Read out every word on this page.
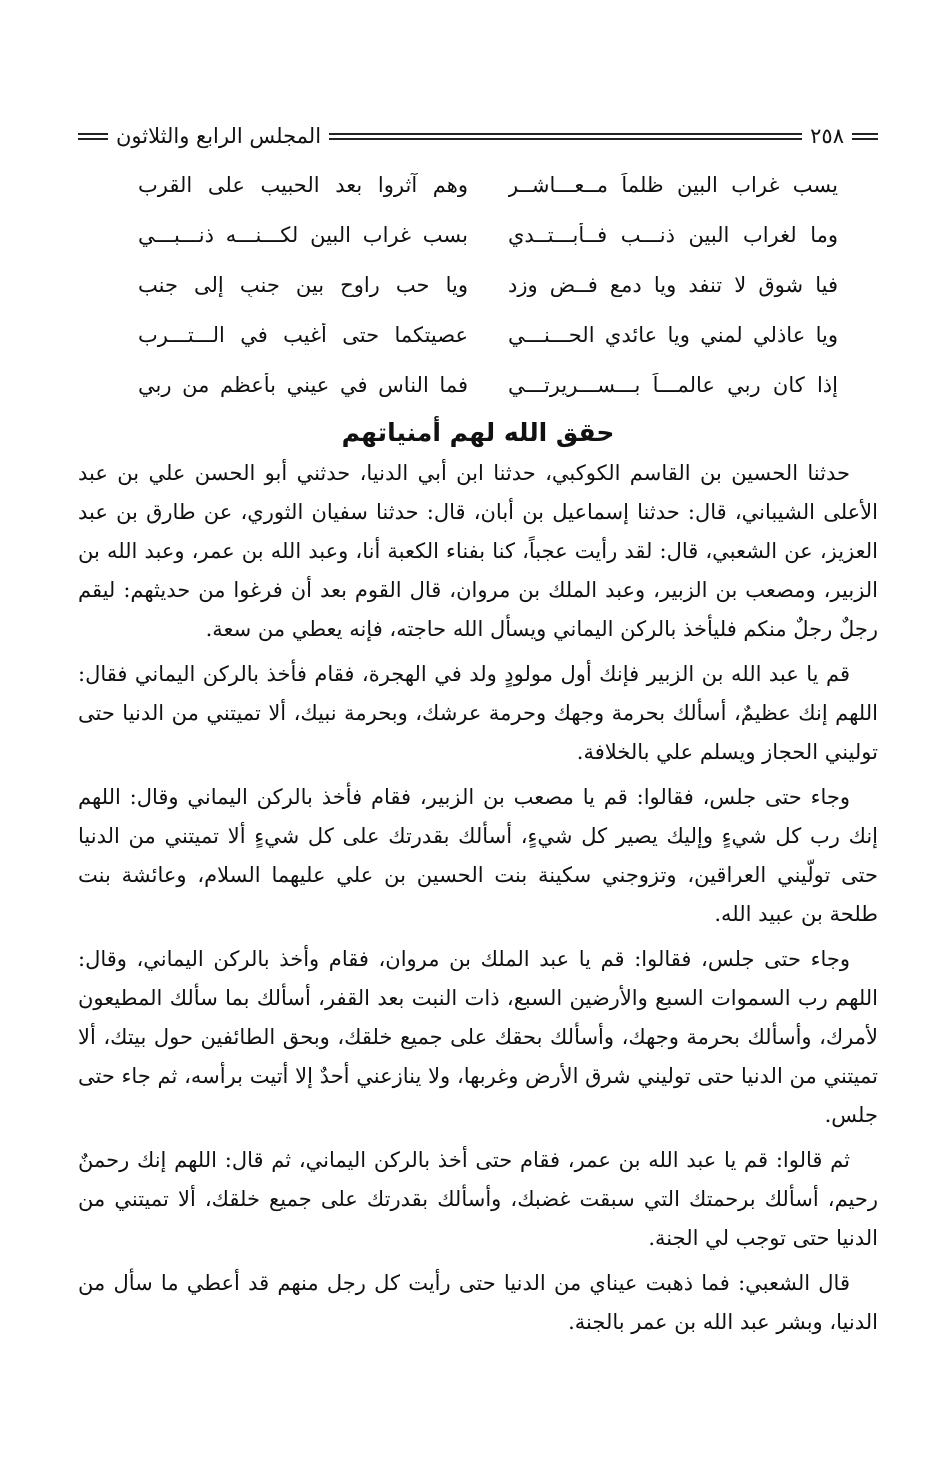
٢٥٨
المجلس الرابع والثلاثون
يسب غراب البين ظلماً مــعـــاشــر
وهم آثروا بعد الحبيب على القرب
وما لغراب البين ذنـــب فــأبـــتــدي
بسب غراب البين لكـــنـــه ذنـــبـــي
فيا شوق لا تنفد ويا دمع فــض وزد
ويا حب راوح بين جنبٍ إلى جنب
ويا عاذلي لمني ويا عائدي الحـــنـــي
عصيتكما حتى أغيب في الـــتـــرب
إذا كان ربي عالمـــاً بـــســـريرتـــي
فما الناس في عيني بأعظم من ربي
حقق الله لهم أمنياتهم

حدثنا الحسين بن القاسم الكوكبي، حدثنا ابن أبي الدنيا، حدثني أبو الحسن علي بن عبد الأعلى الشيباني، قال: حدثنا إسماعيل بن أبان، قال: حدثنا سفيان الثوري، عن طارق بن عبد العزيز، عن الشعبي، قال: لقد رأيت عجباً، كنا بفناء الكعبة أنا، وعبد الله بن عمر، وعبد الله بن الزبير، ومصعب بن الزبير، وعبد الملك بن مروان، قال القوم بعد أن فرغوا من حديثهم: ليقم رجلٌ رجلٌ منكم فليأخذ بالركن اليماني ويسأل الله حاجته، فإنه يعطي من سعة.

قم يا عبد الله بن الزبير فإنك أول مولودٍ ولد في الهجرة، فقام فأخذ بالركن اليماني فقال: اللهم إنك عظيمٌ، أسألك بحرمة وجهك وحرمة عرشك، وبحرمة نبيك، ألا تميتني من الدنيا حتى توليني الحجاز ويسلم علي بالخلافة.

وجاء حتى جلس، فقالوا: قم يا مصعب بن الزبير، فقام فأخذ بالركن اليماني وقال: اللهم إنك رب كل شيءٍ وإليك يصير كل شيءٍ، أسألك بقدرتك على كل شيءٍ ألا تميتني من الدنيا حتى تولّيني العراقين، وتزوجني سكينة بنت الحسين بن علي عليهما السلام، وعائشة بنت طلحة بن عبيد الله.

وجاء حتى جلس، فقالوا: قم يا عبد الملك بن مروان، فقام وأخذ بالركن اليماني، وقال: اللهم رب السموات السبع والأرضين السبع، ذات النبت بعد القفر، أسألك بما سألك المطيعون لأمرك، وأسألك بحرمة وجهك، وأسألك بحقك على جميع خلقك، وبحق الطائفين حول بيتك، ألا تميتني من الدنيا حتى توليني شرق الأرض وغربها، ولا ينازعني أحدٌ إلا أتيت برأسه، ثم جاء حتى جلس.

ثم قالوا: قم يا عبد الله بن عمر، فقام حتى أخذ بالركن اليماني، ثم قال: اللهم إنك رحمنٌ رحيم، أسألك برحمتك التي سبقت غضبك، وأسألك بقدرتك على جميع خلقك، ألا تميتني من الدنيا حتى توجب لي الجنة.

قال الشعبي: فما ذهبت عيناي من الدنيا حتى رأيت كل رجل منهم قد أعطي ما سأل من الدنيا، وبشر عبد الله بن عمر بالجنة.
